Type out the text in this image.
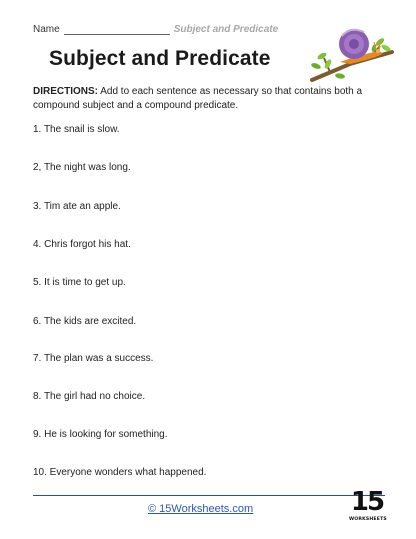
Name	Subject and Predicate
Subject and Predicate
DIRECTIONS: Add to each sentence as necessary so that contains both a compound subject and a compound predicate.
1. The snail is slow.
2, The night was long.
3. Tim ate an apple.
4. Chris forgot his hat.
5. It is time to get up.
6. The kids are excited.
7. The plan was a success.
8. The girl had no choice.
9. He is looking for something.
10. Everyone wonders what happened.
© 15Worksheets.com	15
WORKSHEETS
